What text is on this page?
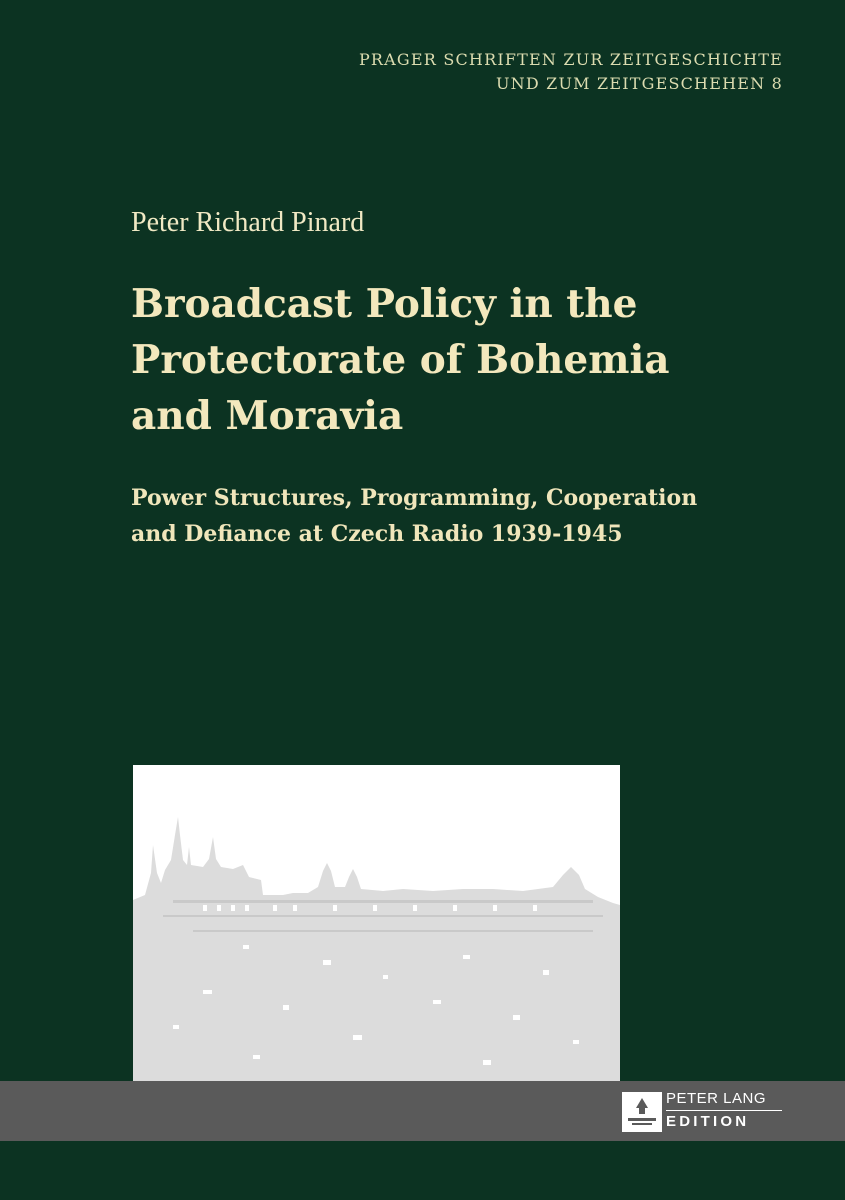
PRAGER SCHRIFTEN ZUR ZEITGESCHICHTE
UND ZUM ZEITGESCHEHEN 8
Peter Richard Pinard
Broadcast Policy in the
Protectorate of Bohemia
and Moravia
Power Structures, Programming, Cooperation
and Defiance at Czech Radio 1939-1945
PETER LANG
EDITION
